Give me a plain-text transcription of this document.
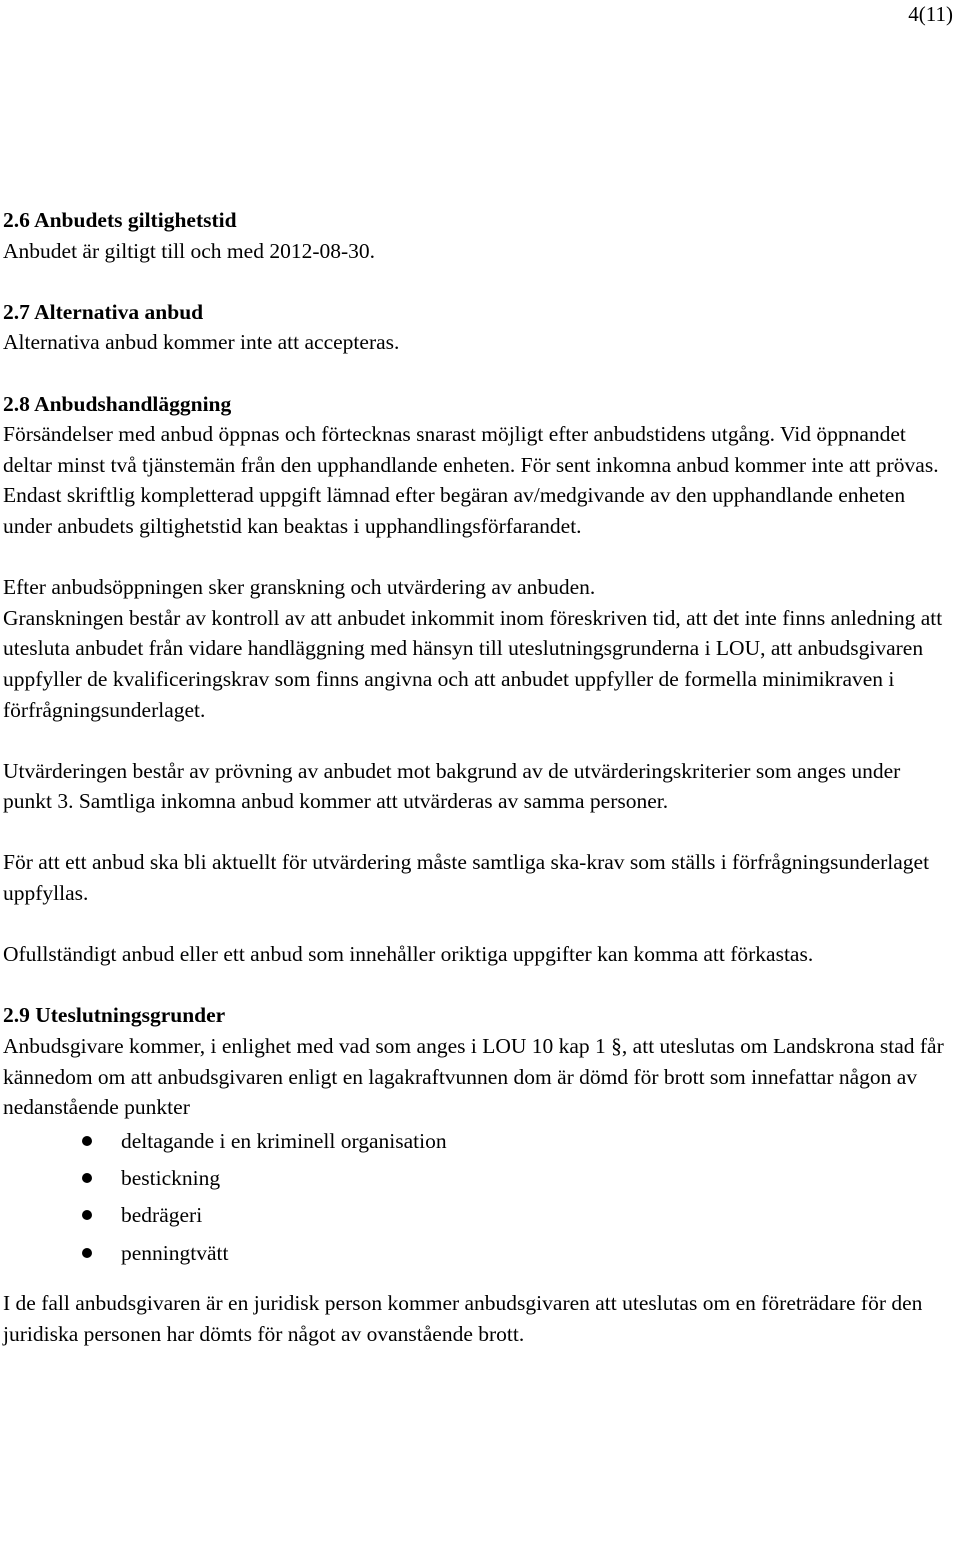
4(11)
2.6 Anbudets giltighetstid

Anbudet är giltigt till och med 2012-08-30.

2.7 Alternativa anbud

Alternativa anbud kommer inte att accepteras.

2.8 Anbudshandläggning

Försändelser med anbud öppnas och förtecknas snarast möjligt efter anbudstidens utgång. Vid öppnandet deltar minst två tjänstemän från den upphandlande enheten. För sent inkomna anbud kommer inte att prövas. Endast skriftlig kompletterad uppgift lämnad efter begäran av/medgivande av den upphandlande enheten under anbudets giltighetstid kan beaktas i upphandlingsförfarandet.

Efter anbudsöppningen sker granskning och utvärdering av anbuden.

Granskningen består av kontroll av att anbudet inkommit inom föreskriven tid, att det inte finns anledning att utesluta anbudet från vidare handläggning med hänsyn till uteslutningsgrunderna i LOU, att anbudsgivaren uppfyller de kvalificeringskrav som finns angivna och att anbudet uppfyller de formella minimikraven i förfrågningsunderlaget.

Utvärderingen består av prövning av anbudet mot bakgrund av de utvärderingskriterier som anges under punkt 3. Samtliga inkomna anbud kommer att utvärderas av samma personer.

För att ett anbud ska bli aktuellt för utvärdering måste samtliga ska-krav som ställs i förfrågningsunderlaget uppfyllas.

Ofullständigt anbud eller ett anbud som innehåller oriktiga uppgifter kan komma att förkastas.

2.9 Uteslutningsgrunder

Anbudsgivare kommer, i enlighet med vad som anges i LOU 10 kap 1 §, att uteslutas om Landskrona stad får kännedom om att anbudsgivaren enligt en lagakraftvunnen dom är dömd för brott som innefattar någon av nedanstående punkter

deltagande i en kriminell organisation
bestickning
bedrägeri
penningtvätt

I de fall anbudsgivaren är en juridisk person kommer anbudsgivaren att uteslutas om en företrädare för den juridiska personen har dömts för något av ovanstående brott.
